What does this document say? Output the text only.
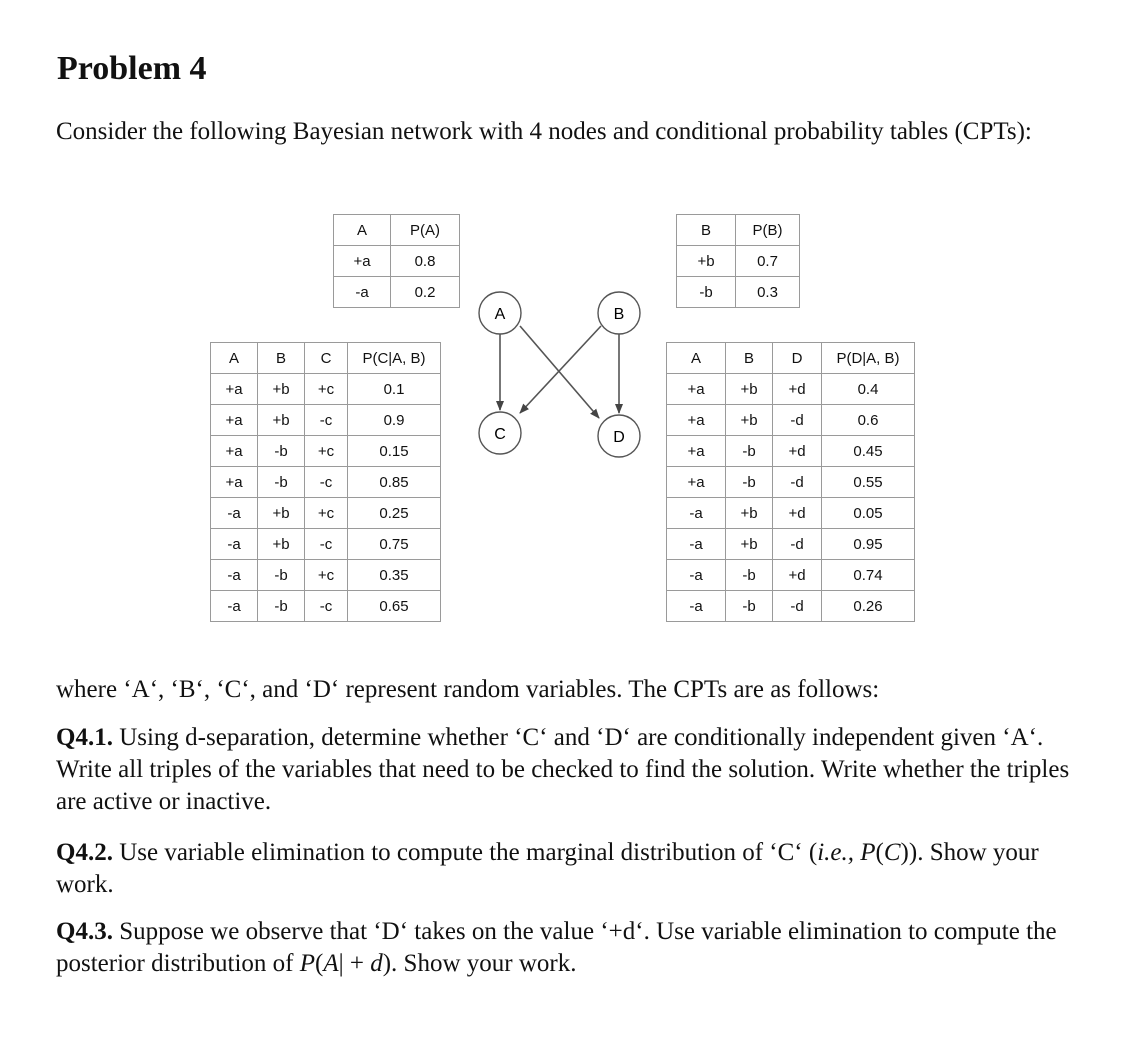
Problem 4
Consider the following Bayesian network with 4 nodes and conditional probability tables (CPTs):
A	P(A)
+a	0.8
-a	0.2
B	P(B)
+b	0.7
-b	0.3
A	B	C	P(C|A, B)
+a	+b	+c	0.1
+a	+b	-c	0.9
+a	-b	+c	0.15
+a	-b	-c	0.85
-a	+b	+c	0.25
-a	+b	-c	0.75
-a	-b	+c	0.35
-a	-b	-c	0.65
A	B	D	P(D|A, B)
+a	+b	+d	0.4
+a	+b	-d	0.6
+a	-b	+d	0.45
+a	-b	-d	0.55
-a	+b	+d	0.05
-a	+b	-d	0.95
-a	-b	+d	0.74
-a	-b	-d	0.26
A	B
C	D
where ‘A‘, ‘B‘, ‘C‘, and ‘D‘ represent random variables. The CPTs are as follows:
Q4.1. Using d-separation, determine whether ‘C‘ and ‘D‘ are conditionally independent given ‘A‘. Write all triples of the variables that need to be checked to find the solution. Write whether the triples are active or inactive.
Q4.2. Use variable elimination to compute the marginal distribution of ‘C‘ (i.e., P(C)). Show your work.
Q4.3. Suppose we observe that ‘D‘ takes on the value ‘+d‘. Use variable elimination to compute the posterior distribution of P(A| + d). Show your work.
